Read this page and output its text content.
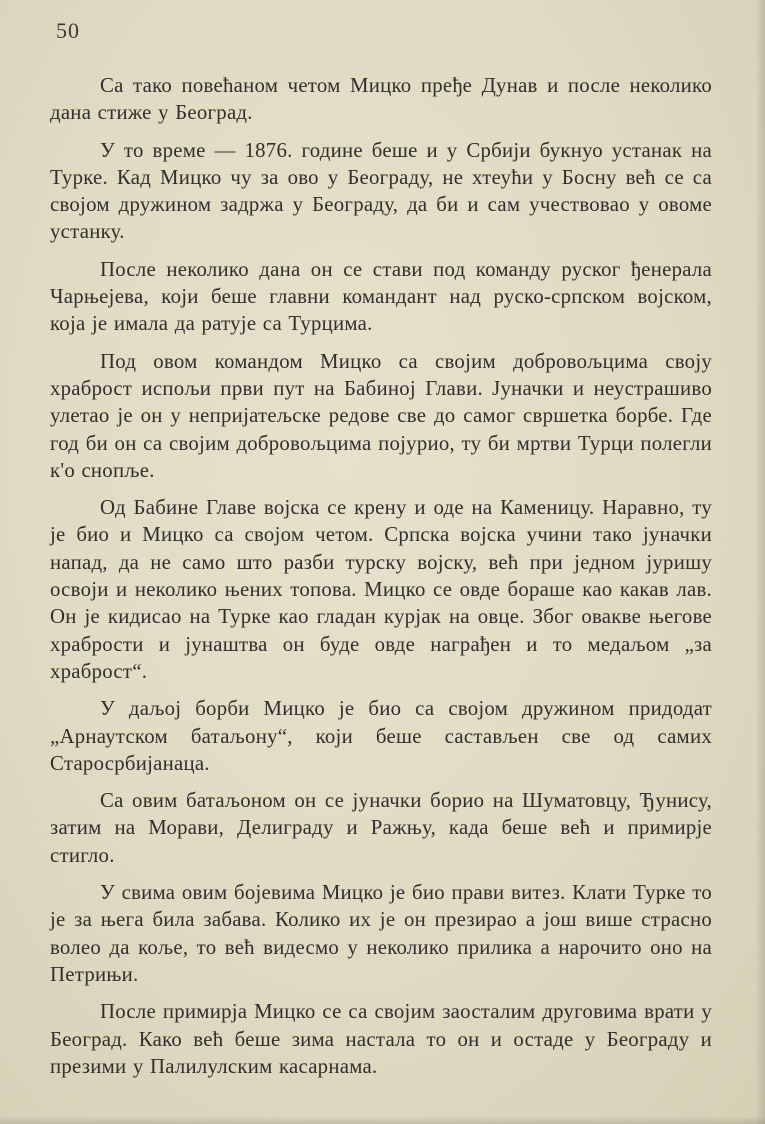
50

Са тако повећаном четом Мицко пређе Дунав и после неколико дана стиже у Београд.

У то време — 1876. године беше и у Србији букнуо устанак на Турке. Кад Мицко чу за ово у Београду, не хтеући у Босну већ се са својом дружином задржа у Београду, да би и сам учествовао у овоме устанку.

После неколико дана он се стави под команду руског ђенерала Чарњејева, који беше главни командант над руско-српском војском, која је имала да ратује са Турцима.

Под овом командом Мицко са својим добровољцима своју храброст испољи први пут на Бабиној Глави. Јуначки и неустрашиво улетао је он у непријатељске редове све до самог свршетка борбе. Где год би он са својим добровољцима појурио, ту би мртви Турци полегли к'о снопље.

Од Бабине Главе војска се крену и оде на Каменицу. Наравно, ту је био и Мицко са својом четом. Српска војска учини тако јуначки напад, да не само што разби турску војску, већ при једном јуришу освоји и неколико њених топова. Мицко се овде бораше као какав лав. Он је кидисао на Турке као гладан курјак на овце. Због овакве његове храбрости и јунаштва он буде овде награђен и то медаљом „за храброст“.

У даљој борби Мицко је био са својом дружином придодат „Арнаутском батаљону“, који беше састављен све од самих Старосрбијанаца.

Са овим батаљоном он се јуначки борио на Шуматовцу, Ђунису, затим на Морави, Делиграду и Ражњу, када беше већ и примирје стигло.

У свима овим бојевима Мицко је био прави витез. Клати Турке то је за њега била забава. Колико их је он презирао а још више страсно волео да коље, то већ видесмо у неколико прилика а нарочито оно на Петрињи.

После примирја Мицко се са својим заосталим друговима врати у Београд. Како већ беше зима настала то он и остаде у Београду и презими у Палилулским касарнама.
